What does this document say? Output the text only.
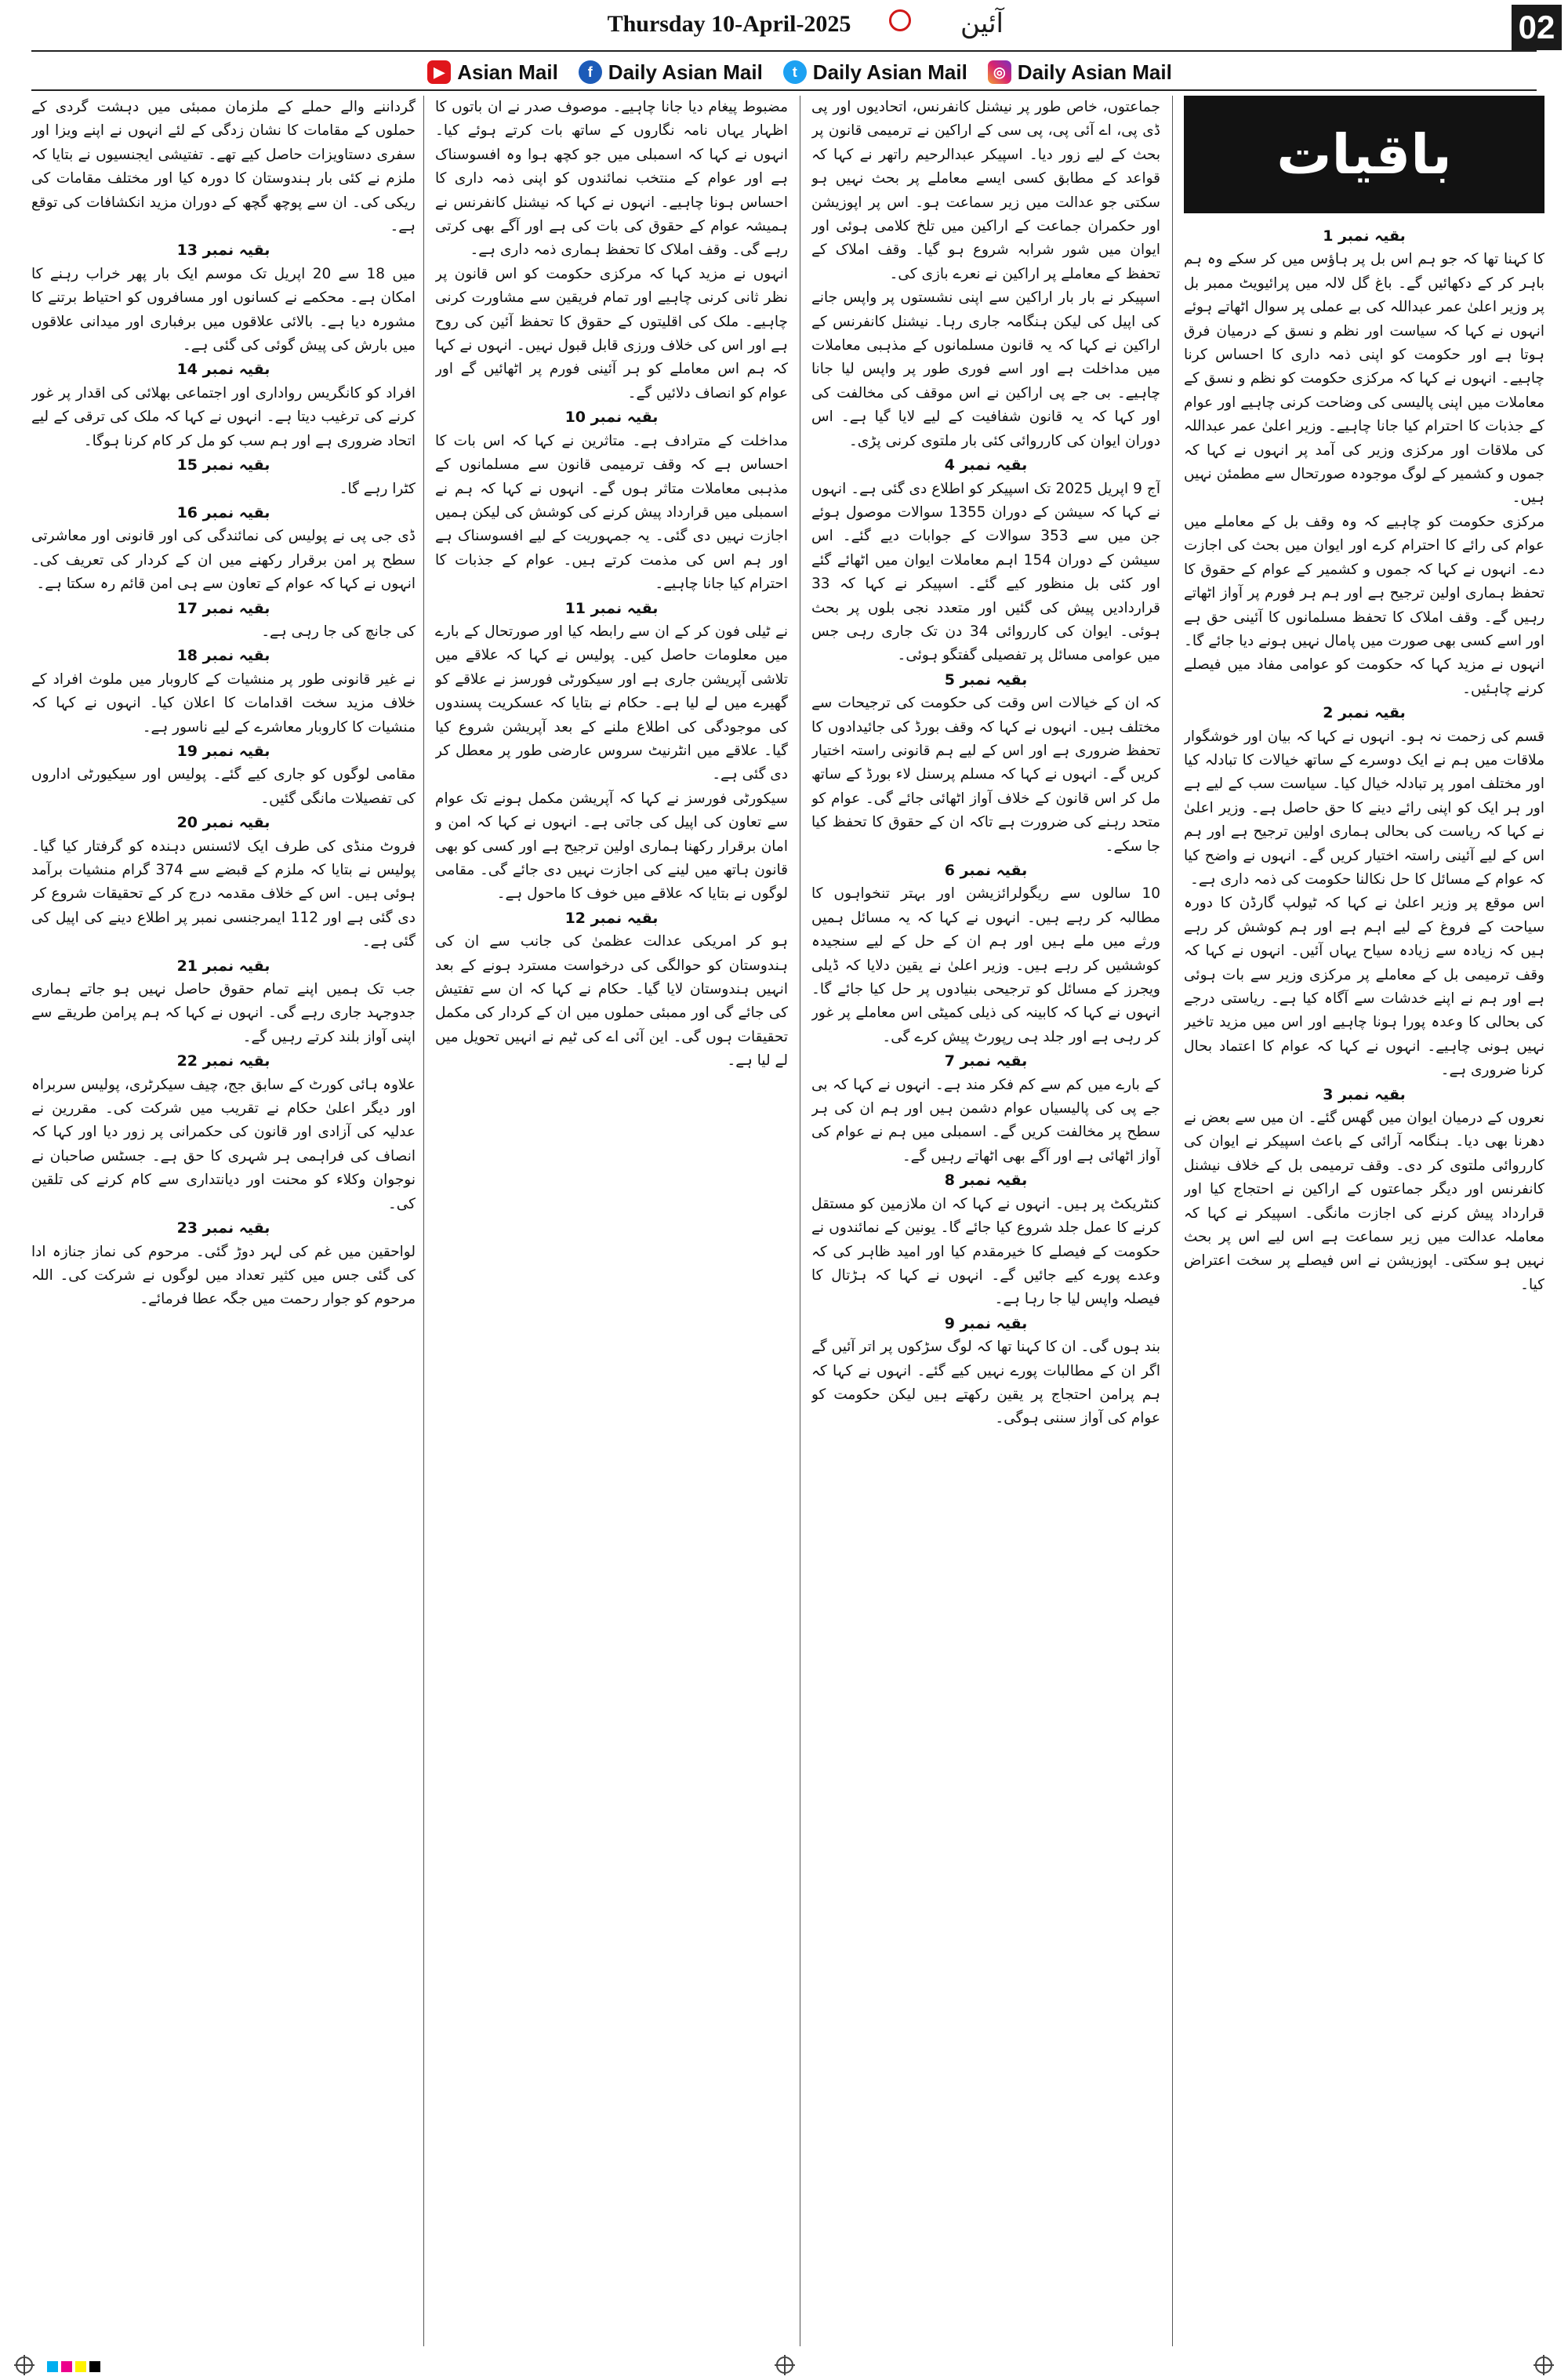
Thursday 10-April-2025	آئین	02
▶ Asian Mail	f Daily Asian Mail	t Daily Asian Mail	◎ Daily Asian Mail
باقیات
بقیہ نمبر 1

کا کہنا تھا کہ جو ہم اس بل پر ہاؤس میں کر سکے وہ ہم باہر کر کے دکھائیں گے۔ باغ گل لالہ میں پرائیویٹ ممبر بل پر وزیر اعلیٰ عمر عبداللہ کی بے عملی پر سوال اٹھاتے ہوئے انہوں نے کہا کہ سیاست اور نظم و نسق کے درمیان فرق ہوتا ہے اور حکومت کو اپنی ذمہ داری کا احساس کرنا چاہیے۔ انہوں نے کہا کہ مرکزی حکومت کو نظم و نسق کے معاملات میں اپنی پالیسی کی وضاحت کرنی چاہیے اور عوام کے جذبات کا احترام کیا جانا چاہیے۔ وزیر اعلیٰ عمر عبداللہ کی ملاقات اور مرکزی وزیر کی آمد پر انہوں نے کہا کہ جموں و کشمیر کے لوگ موجودہ صورتحال سے مطمئن نہیں ہیں۔

مرکزی حکومت کو چاہیے کہ وہ وقف بل کے معاملے میں عوام کی رائے کا احترام کرے اور ایوان میں بحث کی اجازت دے۔ انہوں نے کہا کہ جموں و کشمیر کے عوام کے حقوق کا تحفظ ہماری اولین ترجیح ہے اور ہم ہر فورم پر آواز اٹھاتے رہیں گے۔ وقف املاک کا تحفظ مسلمانوں کا آئینی حق ہے اور اسے کسی بھی صورت میں پامال نہیں ہونے دیا جائے گا۔ انہوں نے مزید کہا کہ حکومت کو عوامی مفاد میں فیصلے کرنے چاہئیں۔

بقیہ نمبر 2

قسم کی زحمت نہ ہو۔ انہوں نے کہا کہ بیان اور خوشگوار ملاقات میں ہم نے ایک دوسرے کے ساتھ خیالات کا تبادلہ کیا اور مختلف امور پر تبادلہ خیال کیا۔ سیاست سب کے لیے ہے اور ہر ایک کو اپنی رائے دینے کا حق حاصل ہے۔ وزیر اعلیٰ نے کہا کہ ریاست کی بحالی ہماری اولین ترجیح ہے اور ہم اس کے لیے آئینی راستہ اختیار کریں گے۔ انہوں نے واضح کیا کہ عوام کے مسائل کا حل نکالنا حکومت کی ذمہ داری ہے۔

اس موقع پر وزیر اعلیٰ نے کہا کہ ٹیولپ گارڈن کا دورہ سیاحت کے فروغ کے لیے اہم ہے اور ہم کوشش کر رہے ہیں کہ زیادہ سے زیادہ سیاح یہاں آئیں۔ انہوں نے کہا کہ وقف ترمیمی بل کے معاملے پر مرکزی وزیر سے بات ہوئی ہے اور ہم نے اپنے خدشات سے آگاہ کیا ہے۔ ریاستی درجے کی بحالی کا وعدہ پورا ہونا چاہیے اور اس میں مزید تاخیر نہیں ہونی چاہیے۔ انہوں نے کہا کہ عوام کا اعتماد بحال کرنا ضروری ہے۔

بقیہ نمبر 3

نعروں کے درمیان ایوان میں گھس گئے۔ ان میں سے بعض نے دھرنا بھی دیا۔ ہنگامہ آرائی کے باعث اسپیکر نے ایوان کی کارروائی ملتوی کر دی۔ وقف ترمیمی بل کے خلاف نیشنل کانفرنس اور دیگر جماعتوں کے اراکین نے احتجاج کیا اور قرارداد پیش کرنے کی اجازت مانگی۔ اسپیکر نے کہا کہ معاملہ عدالت میں زیر سماعت ہے اس لیے اس پر بحث نہیں ہو سکتی۔ اپوزیشن نے اس فیصلے پر سخت اعتراض کیا۔

جماعتوں، خاص طور پر نیشنل کانفرنس، اتحادیوں اور پی ڈی پی، اے آئی پی، پی سی کے اراکین نے ترمیمی قانون پر بحث کے لیے زور دیا۔ اسپیکر عبدالرحیم راتھر نے کہا کہ قواعد کے مطابق کسی ایسے معاملے پر بحث نہیں ہو سکتی جو عدالت میں زیر سماعت ہو۔ اس پر اپوزیشن اور حکمران جماعت کے اراکین میں تلخ کلامی ہوئی اور ایوان میں شور شرابہ شروع ہو گیا۔ وقف املاک کے تحفظ کے معاملے پر اراکین نے نعرے بازی کی۔

اسپیکر نے بار بار اراکین سے اپنی نشستوں پر واپس جانے کی اپیل کی لیکن ہنگامہ جاری رہا۔ نیشنل کانفرنس کے اراکین نے کہا کہ یہ قانون مسلمانوں کے مذہبی معاملات میں مداخلت ہے اور اسے فوری طور پر واپس لیا جانا چاہیے۔ بی جے پی اراکین نے اس موقف کی مخالفت کی اور کہا کہ یہ قانون شفافیت کے لیے لایا گیا ہے۔ اس دوران ایوان کی کارروائی کئی بار ملتوی کرنی پڑی۔

بقیہ نمبر 4

آج 9 اپریل 2025 تک اسپیکر کو اطلاع دی گئی ہے۔ انہوں نے کہا کہ سیشن کے دوران 1355 سوالات موصول ہوئے جن میں سے 353 سوالات کے جوابات دیے گئے۔ اس سیشن کے دوران 154 اہم معاملات ایوان میں اٹھائے گئے اور کئی بل منظور کیے گئے۔ اسپیکر نے کہا کہ 33 قراردادیں پیش کی گئیں اور متعدد نجی بلوں پر بحث ہوئی۔ ایوان کی کارروائی 34 دن تک جاری رہی جس میں عوامی مسائل پر تفصیلی گفتگو ہوئی۔

بقیہ نمبر 5

کہ ان کے خیالات اس وقت کی حکومت کی ترجیحات سے مختلف ہیں۔ انہوں نے کہا کہ وقف بورڈ کی جائیدادوں کا تحفظ ضروری ہے اور اس کے لیے ہم قانونی راستہ اختیار کریں گے۔ انہوں نے کہا کہ مسلم پرسنل لاء بورڈ کے ساتھ مل کر اس قانون کے خلاف آواز اٹھائی جائے گی۔ عوام کو متحد رہنے کی ضرورت ہے تاکہ ان کے حقوق کا تحفظ کیا جا سکے۔

بقیہ نمبر 6

10 سالوں سے ریگولرائزیشن اور بہتر تنخواہوں کا مطالبہ کر رہے ہیں۔ انہوں نے کہا کہ یہ مسائل ہمیں ورثے میں ملے ہیں اور ہم ان کے حل کے لیے سنجیدہ کوششیں کر رہے ہیں۔ وزیر اعلیٰ نے یقین دلایا کہ ڈیلی ویجرز کے مسائل کو ترجیحی بنیادوں پر حل کیا جائے گا۔ انہوں نے کہا کہ کابینہ کی ذیلی کمیٹی اس معاملے پر غور کر رہی ہے اور جلد ہی رپورٹ پیش کرے گی۔

بقیہ نمبر 7

کے بارے میں کم سے کم فکر مند ہے۔ انہوں نے کہا کہ بی جے پی کی پالیسیاں عوام دشمن ہیں اور ہم ان کی ہر سطح پر مخالفت کریں گے۔ اسمبلی میں ہم نے عوام کی آواز اٹھائی ہے اور آگے بھی اٹھاتے رہیں گے۔

بقیہ نمبر 8

کنٹریکٹ پر ہیں۔ انہوں نے کہا کہ ان ملازمین کو مستقل کرنے کا عمل جلد شروع کیا جائے گا۔ یونین کے نمائندوں نے حکومت کے فیصلے کا خیرمقدم کیا اور امید ظاہر کی کہ وعدے پورے کیے جائیں گے۔ انہوں نے کہا کہ ہڑتال کا فیصلہ واپس لیا جا رہا ہے۔

بقیہ نمبر 9

بند ہوں گی۔ ان کا کہنا تھا کہ لوگ سڑکوں پر اتر آئیں گے اگر ان کے مطالبات پورے نہیں کیے گئے۔ انہوں نے کہا کہ ہم پرامن احتجاج پر یقین رکھتے ہیں لیکن حکومت کو عوام کی آواز سننی ہوگی۔

مضبوط پیغام دیا جانا چاہیے۔ موصوف صدر نے ان باتوں کا اظہار یہاں نامہ نگاروں کے ساتھ بات کرتے ہوئے کیا۔ انہوں نے کہا کہ اسمبلی میں جو کچھ ہوا وہ افسوسناک ہے اور عوام کے منتخب نمائندوں کو اپنی ذمہ داری کا احساس ہونا چاہیے۔ انہوں نے کہا کہ نیشنل کانفرنس نے ہمیشہ عوام کے حقوق کی بات کی ہے اور آگے بھی کرتی رہے گی۔ وقف املاک کا تحفظ ہماری ذمہ داری ہے۔

انہوں نے مزید کہا کہ مرکزی حکومت کو اس قانون پر نظر ثانی کرنی چاہیے اور تمام فریقین سے مشاورت کرنی چاہیے۔ ملک کی اقلیتوں کے حقوق کا تحفظ آئین کی روح ہے اور اس کی خلاف ورزی قابل قبول نہیں۔ انہوں نے کہا کہ ہم اس معاملے کو ہر آئینی فورم پر اٹھائیں گے اور عوام کو انصاف دلائیں گے۔

بقیہ نمبر 10

مداخلت کے مترادف ہے۔ متاثرین نے کہا کہ اس بات کا احساس ہے کہ وقف ترمیمی قانون سے مسلمانوں کے مذہبی معاملات متاثر ہوں گے۔ انہوں نے کہا کہ ہم نے اسمبلی میں قرارداد پیش کرنے کی کوشش کی لیکن ہمیں اجازت نہیں دی گئی۔ یہ جمہوریت کے لیے افسوسناک ہے اور ہم اس کی مذمت کرتے ہیں۔ عوام کے جذبات کا احترام کیا جانا چاہیے۔

بقیہ نمبر 11

نے ٹیلی فون کر کے ان سے رابطہ کیا اور صورتحال کے بارے میں معلومات حاصل کیں۔ پولیس نے کہا کہ علاقے میں تلاشی آپریشن جاری ہے اور سیکورٹی فورسز نے علاقے کو گھیرے میں لے لیا ہے۔ حکام نے بتایا کہ عسکریت پسندوں کی موجودگی کی اطلاع ملنے کے بعد آپریشن شروع کیا گیا۔ علاقے میں انٹرنیٹ سروس عارضی طور پر معطل کر دی گئی ہے۔

سیکورٹی فورسز نے کہا کہ آپریشن مکمل ہونے تک عوام سے تعاون کی اپیل کی جاتی ہے۔ انہوں نے کہا کہ امن و امان برقرار رکھنا ہماری اولین ترجیح ہے اور کسی کو بھی قانون ہاتھ میں لینے کی اجازت نہیں دی جائے گی۔ مقامی لوگوں نے بتایا کہ علاقے میں خوف کا ماحول ہے۔

بقیہ نمبر 12

ہو کر امریکی عدالت عظمیٰ کی جانب سے ان کی ہندوستان کو حوالگی کی درخواست مسترد ہونے کے بعد انہیں ہندوستان لایا گیا۔ حکام نے کہا کہ ان سے تفتیش کی جائے گی اور ممبئی حملوں میں ان کے کردار کی مکمل تحقیقات ہوں گی۔ این آئی اے کی ٹیم نے انہیں تحویل میں لے لیا ہے۔

گرداننے والے حملے کے ملزمان ممبئی میں دہشت گردی کے حملوں کے مقامات کا نشان زدگی کے لئے انہوں نے اپنے ویزا اور سفری دستاویزات حاصل کیے تھے۔ تفتیشی ایجنسیوں نے بتایا کہ ملزم نے کئی بار ہندوستان کا دورہ کیا اور مختلف مقامات کی ریکی کی۔ ان سے پوچھ گچھ کے دوران مزید انکشافات کی توقع ہے۔

بقیہ نمبر 13

میں 18 سے 20 اپریل تک موسم ایک بار پھر خراب رہنے کا امکان ہے۔ محکمے نے کسانوں اور مسافروں کو احتیاط برتنے کا مشورہ دیا ہے۔ بالائی علاقوں میں برفباری اور میدانی علاقوں میں بارش کی پیش گوئی کی گئی ہے۔

بقیہ نمبر 14

افراد کو کانگریس رواداری اور اجتماعی بھلائی کی اقدار پر غور کرنے کی ترغیب دیتا ہے۔ انہوں نے کہا کہ ملک کی ترقی کے لیے اتحاد ضروری ہے اور ہم سب کو مل کر کام کرنا ہوگا۔

بقیہ نمبر 15

کٹرا رہے گا۔

بقیہ نمبر 16

ڈی جی پی نے پولیس کی نمائندگی کی اور قانونی اور معاشرتی سطح پر امن برقرار رکھنے میں ان کے کردار کی تعریف کی۔ انہوں نے کہا کہ عوام کے تعاون سے ہی امن قائم رہ سکتا ہے۔

بقیہ نمبر 17

کی جانچ کی جا رہی ہے۔

بقیہ نمبر 18

نے غیر قانونی طور پر منشیات کے کاروبار میں ملوث افراد کے خلاف مزید سخت اقدامات کا اعلان کیا۔ انہوں نے کہا کہ منشیات کا کاروبار معاشرے کے لیے ناسور ہے۔

بقیہ نمبر 19

مقامی لوگوں کو جاری کیے گئے۔ پولیس اور سیکیورٹی اداروں کی تفصیلات مانگی گئیں۔

بقیہ نمبر 20

فروٹ منڈی کی طرف ایک لائسنس دہندہ کو گرفتار کیا گیا۔ پولیس نے بتایا کہ ملزم کے قبضے سے 374 گرام منشیات برآمد ہوئی ہیں۔ اس کے خلاف مقدمہ درج کر کے تحقیقات شروع کر دی گئی ہے اور 112 ایمرجنسی نمبر پر اطلاع دینے کی اپیل کی گئی ہے۔

بقیہ نمبر 21

جب تک ہمیں اپنے تمام حقوق حاصل نہیں ہو جاتے ہماری جدوجہد جاری رہے گی۔ انہوں نے کہا کہ ہم پرامن طریقے سے اپنی آواز بلند کرتے رہیں گے۔

بقیہ نمبر 22

علاوہ ہائی کورٹ کے سابق جج، چیف سیکرٹری، پولیس سربراہ اور دیگر اعلیٰ حکام نے تقریب میں شرکت کی۔ مقررین نے عدلیہ کی آزادی اور قانون کی حکمرانی پر زور دیا اور کہا کہ انصاف کی فراہمی ہر شہری کا حق ہے۔ جسٹس صاحبان نے نوجوان وکلاء کو محنت اور دیانتداری سے کام کرنے کی تلقین کی۔

بقیہ نمبر 23

لواحقین میں غم کی لہر دوڑ گئی۔ مرحوم کی نماز جنازہ ادا کی گئی جس میں کثیر تعداد میں لوگوں نے شرکت کی۔ اللہ مرحوم کو جوار رحمت میں جگہ عطا فرمائے۔
